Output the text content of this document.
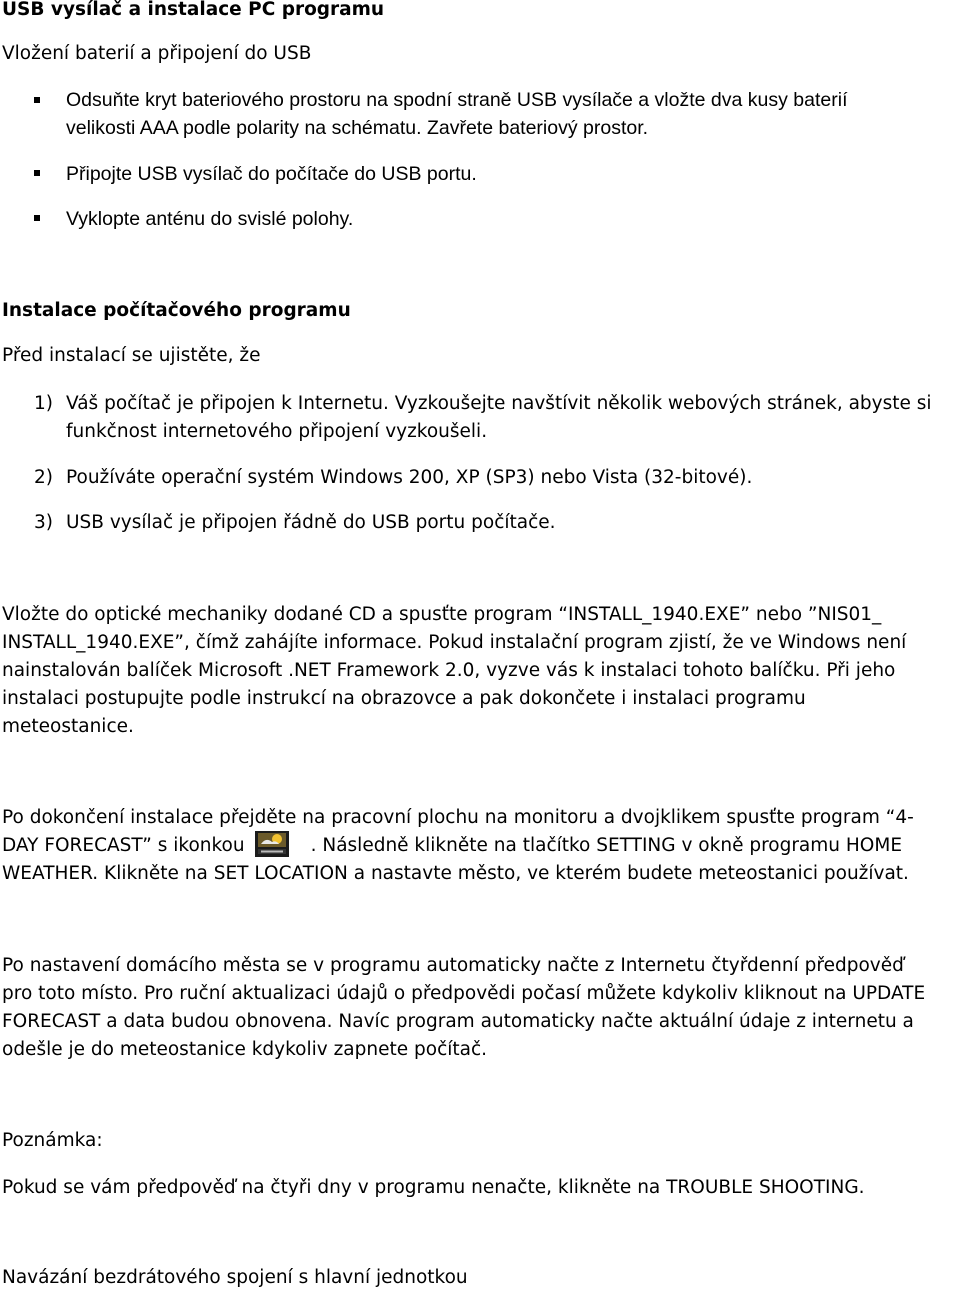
USB vysílač a instalace PC programu
Vložení baterií a připojení do USB
Odsuňte kryt bateriového prostoru na spodní straně USB vysílače a vložte dva kusy baterií
velikosti AAA podle polarity na schématu. Zavřete bateriový prostor.
Připojte USB vysílač do počítače do USB portu.
Vyklopte anténu do svislé polohy.
Instalace počítačového programu
Před instalací se ujistěte, že
1) Váš počítač je připojen k Internetu. Vyzkoušejte navštívit několik webových stránek, abyste si
funkčnost internetového připojení vyzkoušeli.
2) Používáte operační systém Windows 200, XP (SP3) nebo Vista (32-bitové).
3) USB vysílač je připojen řádně do USB portu počítače.
Vložte do optické mechaniky dodané CD a spusťte program “INSTALL_1940.EXE” nebo ”NIS01_
INSTALL_1940.EXE”, čímž zahájíte informace. Pokud instalační program zjistí, že ve Windows není
nainstalován balíček Microsoft .NET Framework 2.0, vyzve vás k instalaci tohoto balíčku. Při jeho
instalaci postupujte podle instrukcí na obrazovce a pak dokončete i instalaci programu
meteostanice.
Po dokončení instalace přejděte na pracovní plochu na monitoru a dvojklikem spusťte program “4-
DAY FORECAST” s ikonkou	. Následně klikněte na tlačítko SETTING v okně programu HOME
WEATHER. Klikněte na SET LOCATION a nastavte město, ve kterém budete meteostanici používat.
Po nastavení domácího města se v programu automaticky načte z Internetu čtyřdenní předpověď
pro toto místo. Pro ruční aktualizaci údajů o předpovědi počasí můžete kdykoliv kliknout na UPDATE
FORECAST a data budou obnovena. Navíc program automaticky načte aktuální údaje z internetu a
odešle je do meteostanice kdykoliv zapnete počítač.
Poznámka:
Pokud se vám předpověď na čtyři dny v programu nenačte, klikněte na TROUBLE SHOOTING.
Navázání bezdrátového spojení s hlavní jednotkou
